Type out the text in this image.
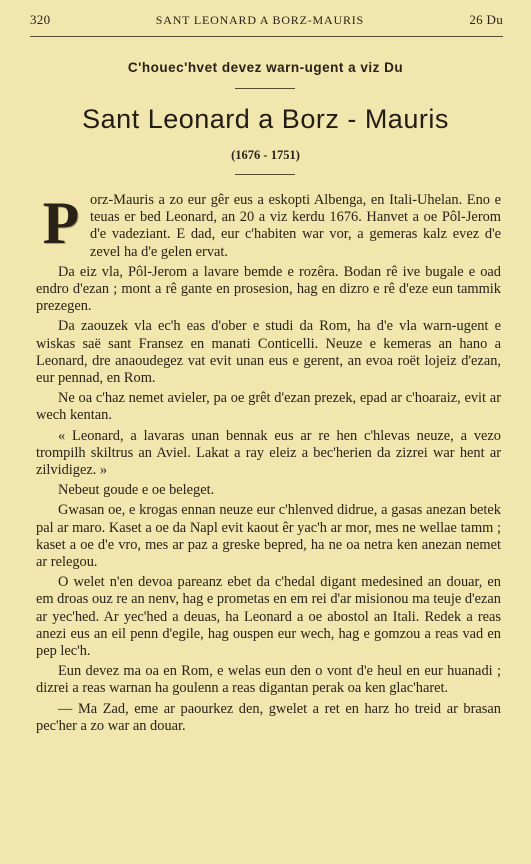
320	SANT LEONARD A BORZ-MAURIS	26 Du
C'houec'hvet devez warn-ugent a viz Du
Sant Leonard a Borz - Mauris
(1676 - 1751)

P orz-Mauris a zo eur gêr eus a eskopti Albenga, en Itali-Uhelan. Eno e teuas er bed Leonard, an 20 a viz kerdu 1676. Hanvet a oe Pôl-Jerom d'e vadeziant. E dad, eur c'habiten war vor, a gemeras kalz evez d'e zevel ha d'e gelen ervat.

Da eiz vla, Pôl-Jerom a lavare bemde e rozêra. Bodan rê ive bugale e oad endro d'ezan ; mont a rê gante en prosesion, hag en dizro e rê d'eze eun tammik prezegen.

Da zaouzek vla ec'h eas d'ober e studi da Rom, ha d'e vla warn-ugent e wiskas saë sant Fransez en manati Conticelli. Neuze e kemeras an hano a Leonard, dre anaoudegez vat evit unan eus e gerent, an evoa roët lojeiz d'ezan, eur pennad, en Rom.

Ne oa c'haz nemet avieler, pa oe grêt d'ezan prezek, epad ar c'hoaraiz, evit ar wech kentan.

« Leonard, a lavaras unan bennak eus ar re hen c'hlevas neuze, a vezo trompilh skiltrus an Aviel. Lakat a ray eleiz a bec'herien da zizrei war hent ar zilvidigez. »

Nebeut goude e oe beleget.

Gwasan oe, e krogas ennan neuze eur c'hlenved didrue, a gasas anezan betek pal ar maro. Kaset a oe da Napl evit kaout êr yac'h ar mor, mes ne wellae tamm ; kaset a oe d'e vro, mes ar paz a greske bepred, ha ne oa netra ken anezan nemet ar relegou.

O welet n'en devoa pareanz ebet da c'hedal digant medesined an douar, en em droas ouz re an nenv, hag e prometas en em rei d'ar misionou ma teuje d'ezan ar yec'hed. Ar yec'hed a deuas, ha Leonard a oe abostol an Itali. Redek a reas anezi eus an eil penn d'egile, hag ouspen eur wech, hag e gomzou a reas vad en pep lec'h.

Eun devez ma oa en Rom, e welas eun den o vont d'e heul en eur huanadi ; dizrei a reas warnan ha goulenn a reas digantan perak oa ken glac'haret.

— Ma Zad, eme ar paourkez den, gwelet a ret en harz ho treid ar brasan pec'her a zo war an douar.
